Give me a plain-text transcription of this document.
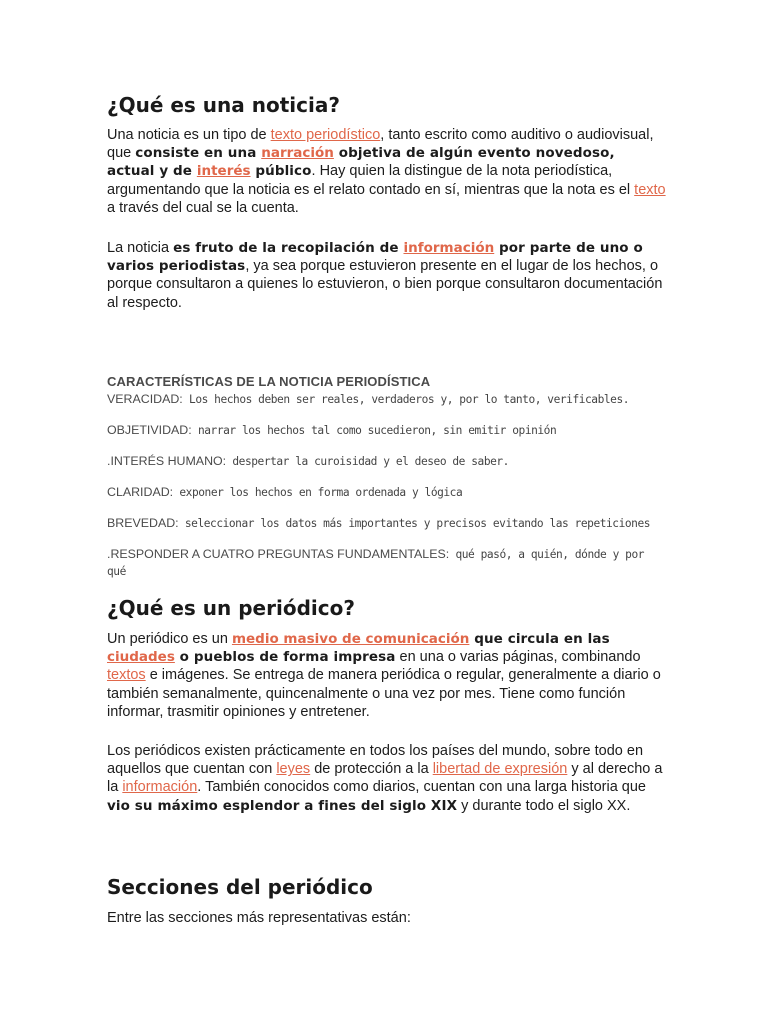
¿Qué es una noticia?

Una noticia es un tipo de texto periodístico, tanto escrito como auditivo o audiovisual, que consiste en una narración objetiva de algún evento novedoso, actual y de interés público. Hay quien la distingue de la nota periodística, argumentando que la noticia es el relato contado en sí, mientras que la nota es el texto a través del cual se la cuenta.

La noticia es fruto de la recopilación de información por parte de uno o varios periodistas, ya sea porque estuvieron presente en el lugar de los hechos, o porque consultaron a quienes lo estuvieron, o bien porque consultaron documentación al respecto.

CARACTERÍSTICAS DE LA NOTICIA PERIODÍSTICA

VERACIDAD: Los hechos deben ser reales, verdaderos y, por lo tanto, verificables.

OBJETIVIDAD: narrar los hechos tal como sucedieron, sin emitir opinión

.INTERÉS HUMANO: despertar la curoisidad y el deseo de saber.

CLARIDAD: exponer los hechos en forma ordenada y lógica

BREVEDAD: seleccionar los datos más importantes y precisos evitando las repeticiones

.RESPONDER A CUATRO PREGUNTAS FUNDAMENTALES: qué pasó, a quién, dónde y por qué

¿Qué es un periódico?

Un periódico es un medio masivo de comunicación que circula en las ciudades o pueblos de forma impresa en una o varias páginas, combinando textos e imágenes. Se entrega de manera periódica o regular, generalmente a diario o también semanalmente, quincenalmente o una vez por mes. Tiene como función informar, trasmitir opiniones y entretener.

Los periódicos existen prácticamente en todos los países del mundo, sobre todo en aquellos que cuentan con leyes de protección a la libertad de expresión y al derecho a la información. También conocidos como diarios, cuentan con una larga historia que vio su máximo esplendor a fines del siglo XIX y durante todo el siglo XX.

Secciones del periódico

Entre las secciones más representativas están:
